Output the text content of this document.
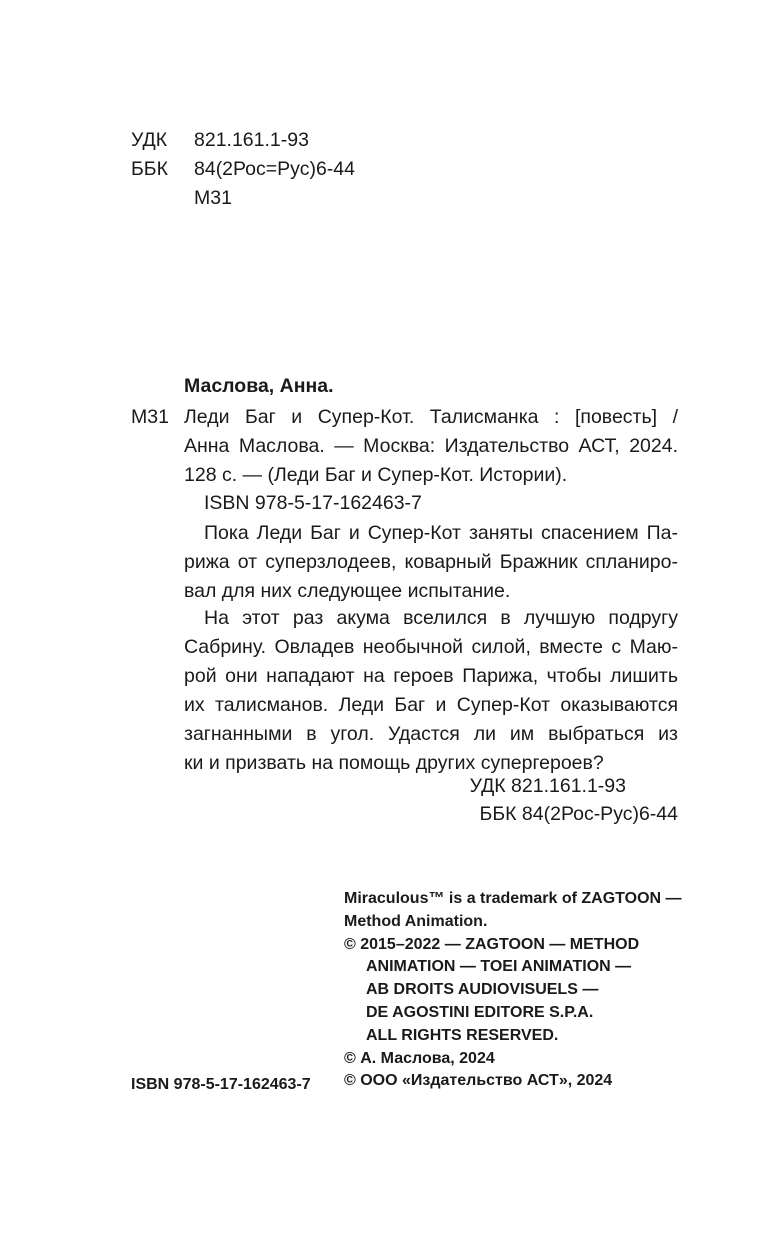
УДК 821.161.1-93
ББК 84(2Рос=Рус)6-44
М31
Маслова, Анна.
М31 Леди Баг и Супер-Кот. Талисманка : [повесть] /
Анна Маслова. — Москва: Издательство АСТ, 2024.
128 с. — (Леди Баг и Супер-Кот. Истории).
ISBN 978-5-17-162463-7
Пока Леди Баг и Супер-Кот заняты спасением Па-
рижа от суперзлодеев, коварный Бражник спланиро-
вал для них следующее испытание.
На этот раз акума вселился в лучшую подругу
Сабрину. Овладев необычной силой, вместе с Маю-
рой они нападают на героев Парижа, чтобы лишить
их талисманов. Леди Баг и Супер-Кот оказываются
загнанными в угол. Удастся ли им выбраться из
ки и призвать на помощь других супергероев?
УДК 821.161.1-93
ББК 84(2Рос-Рус)6-44
Miraculous™ is a trademark of ZAGTOON —
Method Animation.
© 2015–2022 — ZAGTOON — METHOD
ANIMATION — TOEI ANIMATION —
AB DROITS AUDIOVISUELS —
DE AGOSTINI EDITORE S.P.A.
ALL RIGHTS RESERVED.
© А. Маслова, 2024
© ООО «Издательство АСТ», 2024
ISBN 978-5-17-162463-7
